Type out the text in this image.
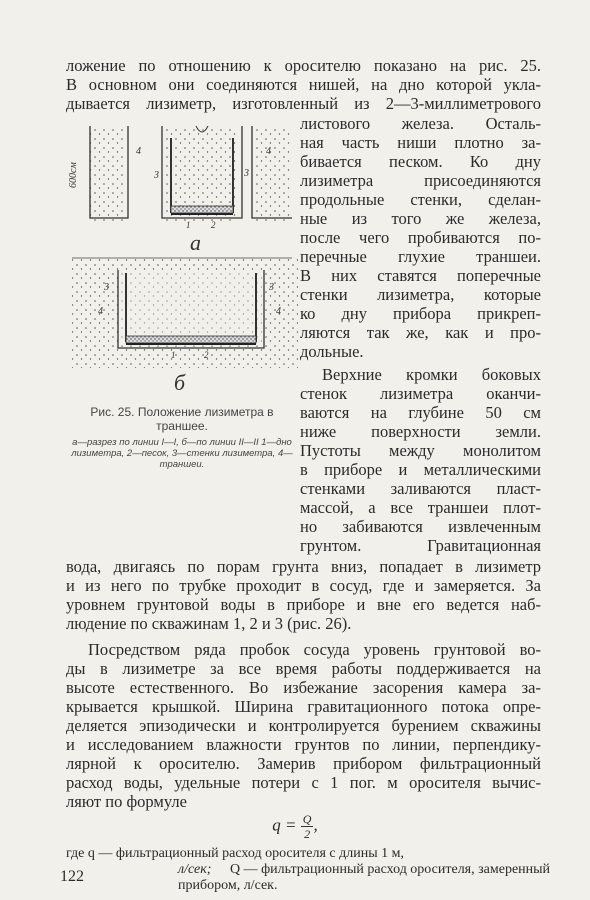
ложение по отношению к оросителю показано на рис. 25.
В основном они соединяются нишей, на дно которой укла-
дывается лизиметр, изготовленный из 2—3-миллиметрового
600см
4
3	3
4
1 2
а
3
4
3
4
1	2
б
Рис. 25. Положение лизиметра в траншее.
а—разрез по линии I—I, б—по линии II—II 1—дно лизиметра, 2—песок, 3—стенки лизиметра, 4—траншеи.
листового железа. Осталь-
ная часть ниши плотно за-
бивается песком. Ко дну
лизиметра присоединяются
продольные стенки, сделан-
ные из того же железа,
после чего пробиваются по-
перечные глухие траншеи.
В них ставятся поперечные
стенки лизиметра, которые
ко дну прибора прикреп-
ляются так же, как и про-
дольные.
Верхние кромки боковых
стенок лизиметра оканчи-
ваются на глубине 50 см
ниже поверхности земли.
Пустоты между монолитом
в приборе и металлическими
стенками заливаются пласт-
массой, а все траншеи плот-
но забиваются извлеченным
грунтом. Гравитационная
вода, двигаясь по порам грунта вниз, попадает в лизиметр
и из него по трубке проходит в сосуд, где и замеряется. За
уровнем грунтовой воды в приборе и вне его ведется наб-
людение по скважинам 1, 2 и 3 (рис. 26).
Посредством ряда пробок сосуда уровень грунтовой во-
ды в лизиметре за все время работы поддерживается на
высоте естественного. Во избежание засорения камера за-
крывается крышкой. Ширина гравитационного потока опре-
деляется эпизодически и контролируется бурением скважины
и исследованием влажности грунтов по линии, перпендику-
лярной к оросителю. Замерив прибором фильтрационный
расход воды, удельные потери с 1 пог. м оросителя вычис-
ляют по формуле
122
$q = \frac{Q}{2}$,
где q — фильтрационный расход оросителя с длины 1 м,
л/сек; Q — фильтрационный расход оросителя, замеренный
прибором, л/сек.
